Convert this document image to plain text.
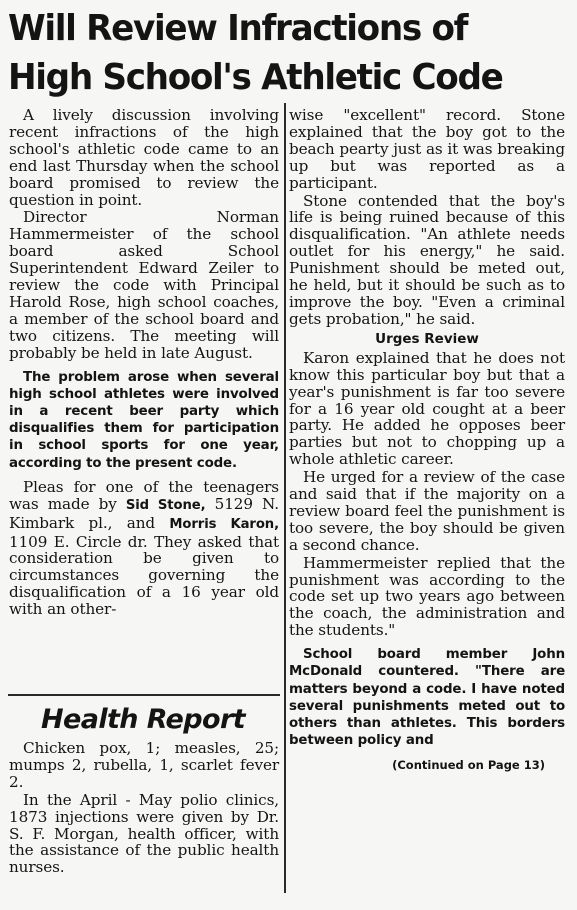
Will Review Infractions of
High School's Athletic Code

A lively discussion involving recent infractions of the high school's athletic code came to an end last Thursday when the school board promised to review the question in point.

Director Norman Hammermeister of the school board asked School Superintendent Edward Zeiler to review the code with Principal Harold Rose, high school coaches, a member of the school board and two citizens. The meeting will probably be held in late August.

The problem arose when several high school athletes were involved in a recent beer party which disqualifies them for participation in school sports for one year, according to the present code.

Pleas for one of the teenagers was made by Sid Stone, 5129 N. Kimbark pl., and Morris Karon, 1109 E. Circle dr. They asked that consideration be given to circumstances governing the disqualification of a 16 year old with an other-

Health Report

Chicken pox, 1; measles, 25; mumps 2, rubella, 1, scarlet fever 2.

In the April - May polio clinics, 1873 injections were given by Dr. S. F. Morgan, health officer, with the assistance of the public health nurses.

wise "excellent" record. Stone explained that the boy got to the beach pearty just as it was breaking up but was reported as a participant.

Stone contended that the boy's life is being ruined because of this disqualification. "An athlete needs outlet for his energy," he said. Punishment should be meted out, he held, but it should be such as to improve the boy. "Even a criminal gets probation," he said.

Urges Review

Karon explained that he does not know this particular boy but that a year's punishment is far too severe for a 16 year old cought at a beer party. He added he opposes beer parties but not to chopping up a whole athletic career.

He urged for a review of the case and said that if the majority on a review board feel the punishment is too severe, the boy should be given a second chance.

Hammermeister replied that the punishment was according to the code set up two years ago between the coach, the administration and the students."

School board member John McDonald countered. "There are matters beyond a code. I have noted several punishments meted out to others than athletes. This borders between policy and

(Continued on Page 13)
